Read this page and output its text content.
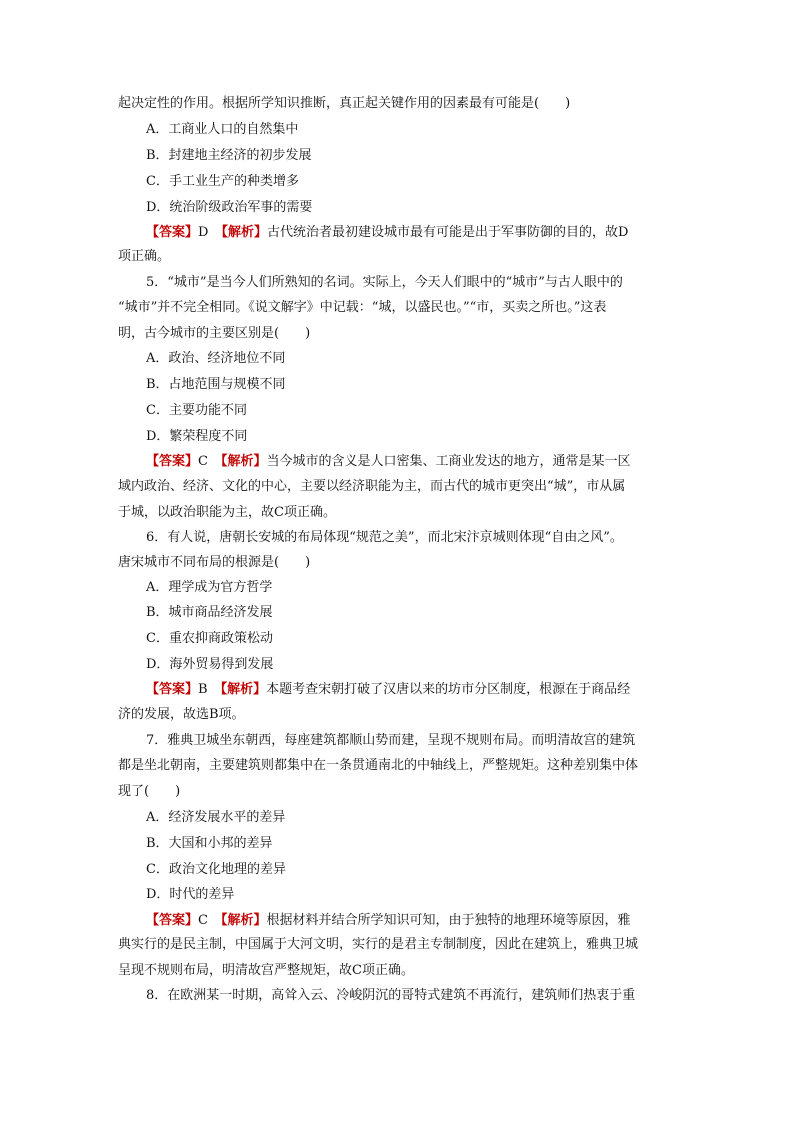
起决定性的作用。根据所学知识推断，真正起关键作用的因素最有可能是(　　)
A．工商业人口的自然集中
B．封建地主经济的初步发展
C．手工业生产的种类增多
D．统治阶级政治军事的需要
【答案】D　 【解析】古代统治者最初建设城市最有可能是出于军事防御的目的，故D
项正确。
5．“城市”是当今人们所熟知的名词。实际上，今天人们眼中的“城市”与古人眼中的
“城市”并不完全相同。《说文解字》中记载：“城，以盛民也。”“市，买卖之所也。”这表
明，古今城市的主要区别是(　　)
A．政治、经济地位不同
B．占地范围与规模不同
C．主要功能不同
D．繁荣程度不同
【答案】C　 【解析】当今城市的含义是人口密集、工商业发达的地方，通常是某一区
域内政治、经济、文化的中心，主要以经济职能为主，而古代的城市更突出“城”，市从属
于城，以政治职能为主，故C项正确。
6．有人说，唐朝长安城的布局体现“规范之美”，而北宋汴京城则体现“自由之风”。
唐宋城市不同布局的根源是(　　)
A．理学成为官方哲学
B．城市商品经济发展
C．重农抑商政策松动
D．海外贸易得到发展
【答案】B　 【解析】本题考查宋朝打破了汉唐以来的坊市分区制度，根源在于商品经
济的发展，故选B项。
7．雅典卫城坐东朝西，每座建筑都顺山势而建，呈现不规则布局。而明清故宫的建筑
都是坐北朝南，主要建筑则都集中在一条贯通南北的中轴线上，严整规矩。这种差别集中体
现了(　　)
A．经济发展水平的差异
B．大国和小邦的差异
C．政治文化地理的差异
D．时代的差异
【答案】C　 【解析】根据材料并结合所学知识可知，由于独特的地理环境等原因，雅
典实行的是民主制，中国属于大河文明，实行的是君主专制制度，因此在建筑上，雅典卫城
呈现不规则布局，明清故宫严整规矩，故C项正确。
8．在欧洲某一时期，高耸入云、冷峻阴沉的哥特式建筑不再流行，建筑师们热衷于重
